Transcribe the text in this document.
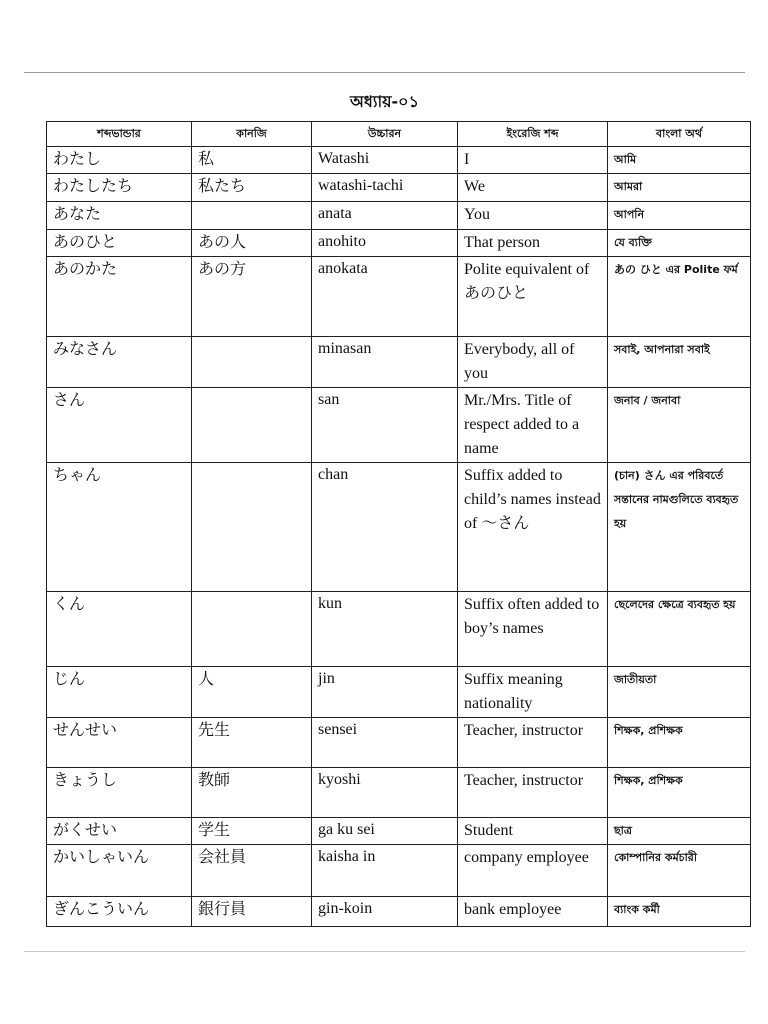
অধ্যায়-০১
শব্দভান্ডার	কানজি	উচ্চারন	ইংরেজি শব্দ	বাংলা অর্থ
わたし	私	Watashi	I	আমি
わたしたち	私たち	watashi-tachi	We	আমরা
あなた		anata	You	আপনি
あのひと	あの人	anohito	That person	যে ব্যক্তি
あのかた	あの方	anokata	Polite equivalent of あのひと	あの ひと এর Polite ফর্ম
みなさん		minasan	Everybody, all of you	সবাই, আপনারা সবাই
さん		san	Mr./Mrs. Title of respect added to a name	জনাব / জনাবা
ちゃん		chan	Suffix added to child’s names instead of ～さん	(চান) さん এর পরিবর্তে সন্তানের নামগুলিতে ব্যবহৃত হয়
くん		kun	Suffix often added to boy’s names	ছেলেদের ক্ষেত্রে ব্যবহৃত হয়
じん	人	jin	Suffix meaning nationality	জাতীয়তা
せんせい	先生	sensei	Teacher, instructor	শিক্ষক, প্রশিক্ষক
きょうし	教師	kyoshi	Teacher, instructor	শিক্ষক, প্রশিক্ষক
がくせい	学生	ga ku sei	Student	ছাত্র
かいしゃいん	会社員	kaisha in	company employee	কোম্পানির কর্মচারী
ぎんこういん	銀行員	gin-koin	bank employee	ব্যাংক কর্মী
